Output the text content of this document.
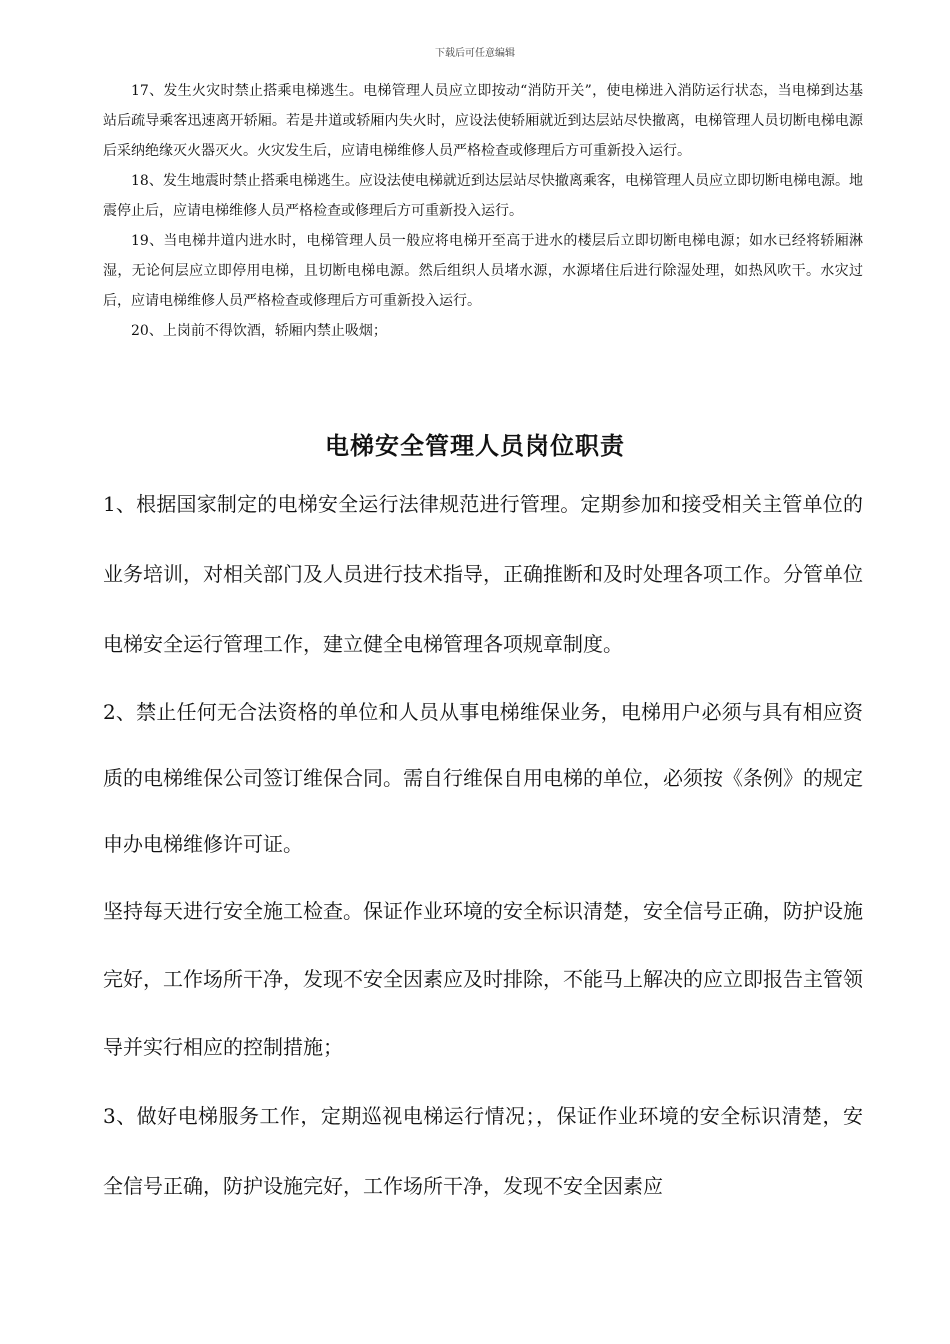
下载后可任意编辑

17、发生火灾时禁止搭乘电梯逃生。电梯管理人员应立即按动“消防开关”，使电梯进入消防运行状态，当电梯到达基站后疏导乘客迅速离开轿厢。若是井道或轿厢内失火时，应设法使轿厢就近到达层站尽快撤离，电梯管理人员切断电梯电源后采纳绝缘灭火器灭火。火灾发生后，应请电梯维修人员严格检查或修理后方可重新投入运行。

18、发生地震时禁止搭乘电梯逃生。应设法使电梯就近到达层站尽快撤离乘客，电梯管理人员应立即切断电梯电源。地震停止后，应请电梯维修人员严格检查或修理后方可重新投入运行。

19、当电梯井道内进水时，电梯管理人员一般应将电梯开至高于进水的楼层后立即切断电梯电源；如水已经将轿厢淋湿，无论何层应立即停用电梯，且切断电梯电源。然后组织人员堵水源，水源堵住后进行除湿处理，如热风吹干。水灾过后，应请电梯维修人员严格检查或修理后方可重新投入运行。

20、上岗前不得饮酒，轿厢内禁止吸烟；

电梯安全管理人员岗位职责

1、根据国家制定的电梯安全运行法律规范进行管理。定期参加和接受相关主管单位的业务培训，对相关部门及人员进行技术指导，正确推断和及时处理各项工作。分管单位电梯安全运行管理工作，建立健全电梯管理各项规章制度。

2、禁止任何无合法资格的单位和人员从事电梯维保业务，电梯用户必须与具有相应资质的电梯维保公司签订维保合同。需自行维保自用电梯的单位，必须按《条例》的规定申办电梯维修许可证。

坚持每天进行安全施工检查。保证作业环境的安全标识清楚，安全信号正确，防护设施完好，工作场所干净，发现不安全因素应及时排除，不能马上解决的应立即报告主管领导并实行相应的控制措施；

3、做好电梯服务工作，定期巡视电梯运行情况；，保证作业环境的安全标识清楚，安全信号正确，防护设施完好，工作场所干净，发现不安全因素应
